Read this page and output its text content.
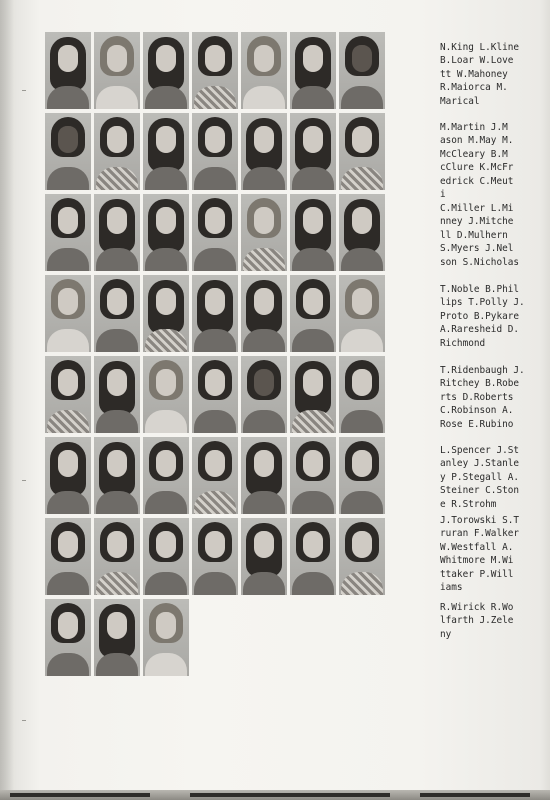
N.King L.Kline
B.Loar W.Love
tt W.Mahoney
R.Maiorca M.
Marical

M.Martin J.M
ason M.May M.
McCleary B.M
cClure K.McFr
edrick C.Meut
i

C.Miller L.Mi
nney J.Mitche
ll D.Mulhern
S.Myers J.Nel
son S.Nicholas

T.Noble B.Phil
lips T.Polly J.
Proto B.Pykare
A.Raresheid D.
Richmond

T.Ridenbaugh J.
Ritchey B.Robe
rts D.Roberts
C.Robinson A.
Rose E.Rubino

L.Spencer J.St
anley J.Stanle
y P.Stegall A.
Steiner C.Ston
e R.Strohm

J.Torowski S.T
ruran F.Walker
W.Westfall A.
Whitmore M.Wi
ttaker P.Will
iams

R.Wirick R.Wo
lfarth J.Zele
ny
